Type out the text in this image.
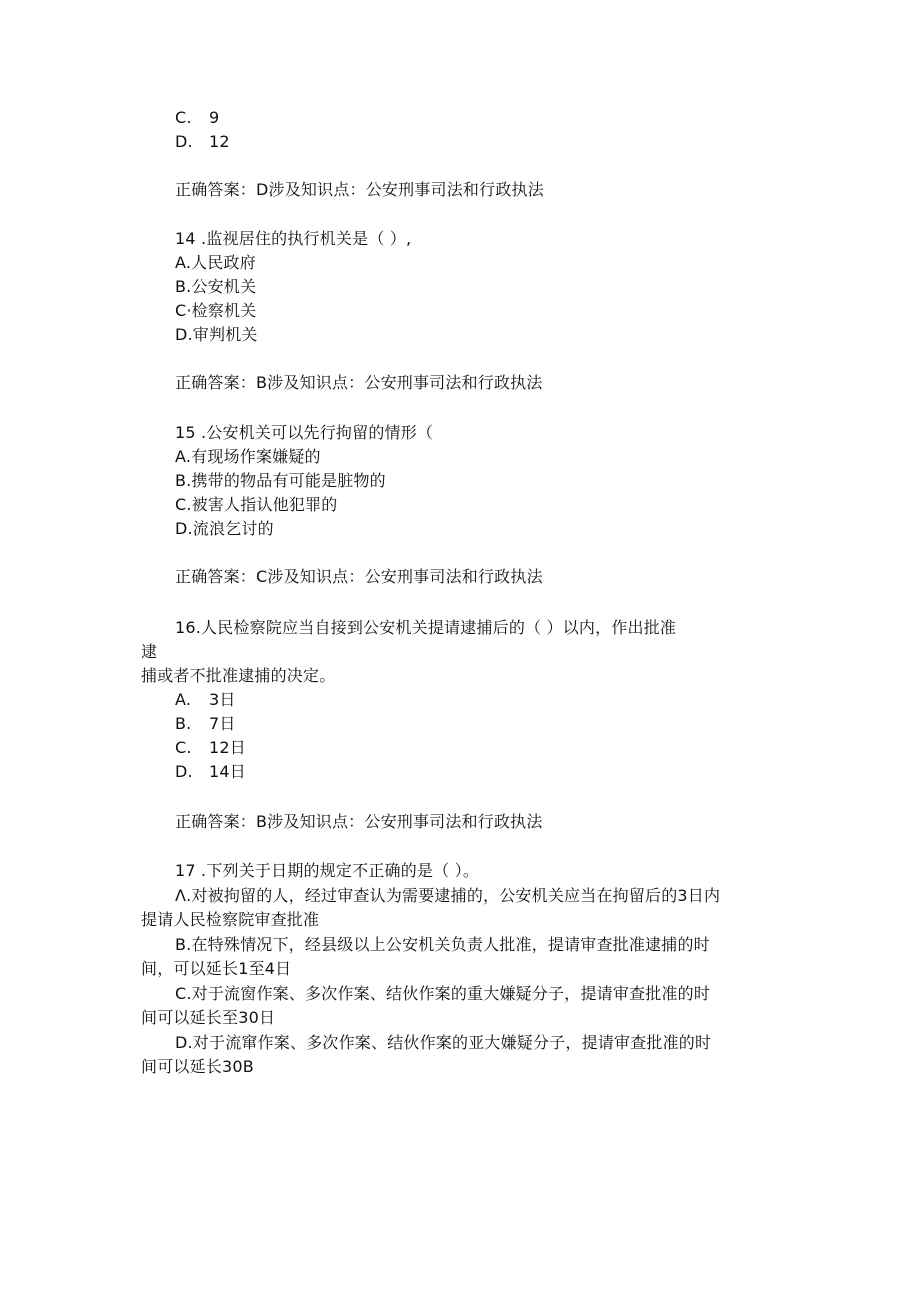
C. 9
D. 12
正确答案：D涉及知识点：公安刑事司法和行政执法
14 .监视居住的执行机关是（ ）,
A.人民政府
B.公安机关
C·检察机关
D.审判机关
正确答案：B涉及知识点：公安刑事司法和行政执法
15 .公安机关可以先行拘留的情形（
A.有现场作案嫌疑的
B.携带的物品有可能是脏物的
C.被害人指认他犯罪的
D.流浪乞讨的
正确答案：C涉及知识点：公安刑事司法和行政执法
16.人民检察院应当自接到公安机关提请逮捕后的（ ）以内，作出批准
逮
捕或者不批准逮捕的决定。
A. 3日
B. 7日
C. 12日
D. 14日
正确答案：B涉及知识点：公安刑事司法和行政执法
17 .下列关于日期的规定不正确的是（ ）。
Λ.对被拘留的人，经过审查认为需要逮捕的，公安机关应当在拘留后的3日内
提请人民检察院审查批准
B.在特殊情况下，经县级以上公安机关负责人批准，提请审查批准逮捕的时
间，可以延长1至4日
C.对于流窗作案、多次作案、结伙作案的重大嫌疑分子，提请审查批准的时
间可以延长至30日
D.对于流窜作案、多次作案、结伙作案的亚大嫌疑分子，提请审查批准的时
间可以延长30B
